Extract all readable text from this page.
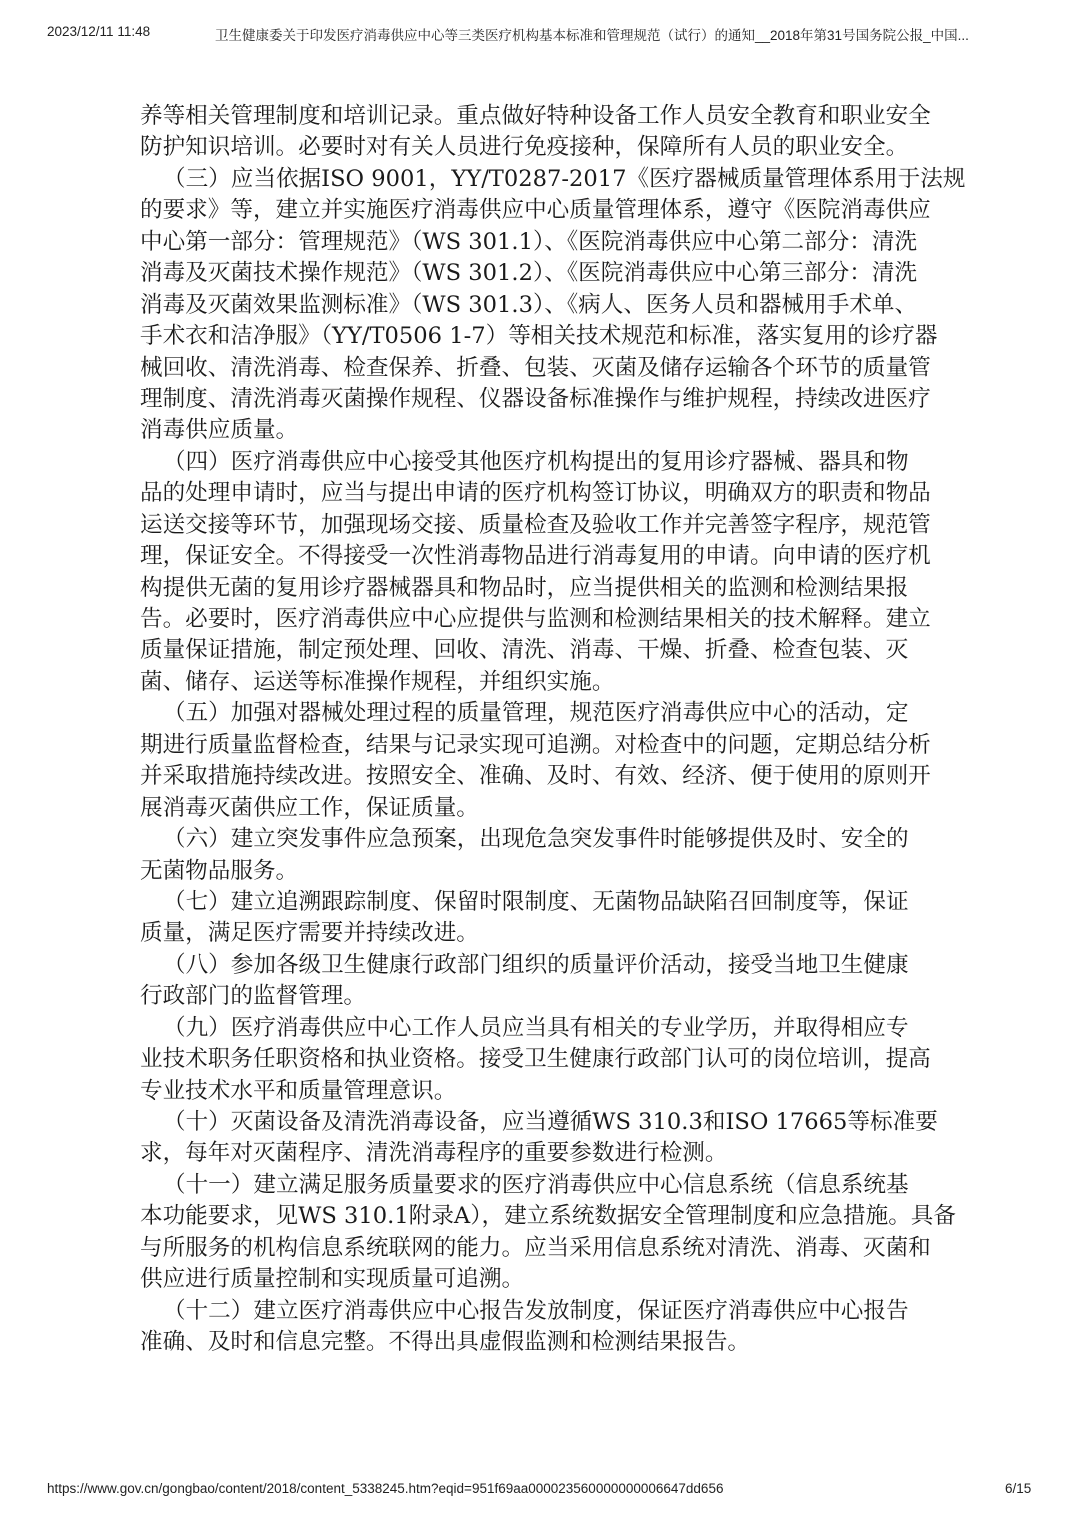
2023/12/11 11:48	卫生健康委关于印发医疗消毒供应中心等三类医疗机构基本标准和管理规范（试行）的通知__2018年第31号国务院公报_中国...
养等相关管理制度和培训记录。重点做好特种设备工作人员安全教育和职业安全
防护知识培训。必要时对有关人员进行免疫接种，保障所有人员的职业安全。
（三）应当依据ISO 9001，YY/T0287-2017《医疗器械质量管理体系用于法规
的要求》等，建立并实施医疗消毒供应中心质量管理体系，遵守《医院消毒供应
中心第一部分：管理规范》（WS 301.1）、《医院消毒供应中心第二部分：清洗
消毒及灭菌技术操作规范》（WS 301.2）、《医院消毒供应中心第三部分：清洗
消毒及灭菌效果监测标准》（WS 301.3）、《病人、医务人员和器械用手术单、
手术衣和洁净服》（YY/T0506 1-7）等相关技术规范和标准，落实复用的诊疗器
械回收、清洗消毒、检查保养、折叠、包装、灭菌及储存运输各个环节的质量管
理制度、清洗消毒灭菌操作规程、仪器设备标准操作与维护规程，持续改进医疗
消毒供应质量。
（四）医疗消毒供应中心接受其他医疗机构提出的复用诊疗器械、器具和物
品的处理申请时，应当与提出申请的医疗机构签订协议，明确双方的职责和物品
运送交接等环节，加强现场交接、质量检查及验收工作并完善签字程序，规范管
理，保证安全。不得接受一次性消毒物品进行消毒复用的申请。向申请的医疗机
构提供无菌的复用诊疗器械器具和物品时，应当提供相关的监测和检测结果报
告。必要时，医疗消毒供应中心应提供与监测和检测结果相关的技术解释。建立
质量保证措施，制定预处理、回收、清洗、消毒、干燥、折叠、检查包装、灭
菌、储存、运送等标准操作规程，并组织实施。
（五）加强对器械处理过程的质量管理，规范医疗消毒供应中心的活动，定
期进行质量监督检查，结果与记录实现可追溯。对检查中的问题，定期总结分析
并采取措施持续改进。按照安全、准确、及时、有效、经济、便于使用的原则开
展消毒灭菌供应工作，保证质量。
（六）建立突发事件应急预案，出现危急突发事件时能够提供及时、安全的
无菌物品服务。
（七）建立追溯跟踪制度、保留时限制度、无菌物品缺陷召回制度等，保证
质量，满足医疗需要并持续改进。
（八）参加各级卫生健康行政部门组织的质量评价活动，接受当地卫生健康
行政部门的监督管理。
（九）医疗消毒供应中心工作人员应当具有相关的专业学历，并取得相应专
业技术职务任职资格和执业资格。接受卫生健康行政部门认可的岗位培训，提高
专业技术水平和质量管理意识。
（十）灭菌设备及清洗消毒设备，应当遵循WS 310.3和ISO 17665等标准要
求，每年对灭菌程序、清洗消毒程序的重要参数进行检测。
（十一）建立满足服务质量要求的医疗消毒供应中心信息系统（信息系统基
本功能要求，见WS 310.1附录A），建立系统数据安全管理制度和应急措施。具备
与所服务的机构信息系统联网的能力。应当采用信息系统对清洗、消毒、灭菌和
供应进行质量控制和实现质量可追溯。
（十二）建立医疗消毒供应中心报告发放制度，保证医疗消毒供应中心报告
准确、及时和信息完整。不得出具虚假监测和检测结果报告。
https://www.gov.cn/gongbao/content/2018/content_5338245.htm?eqid=951f69aa000023560000000006647dd656	6/15
